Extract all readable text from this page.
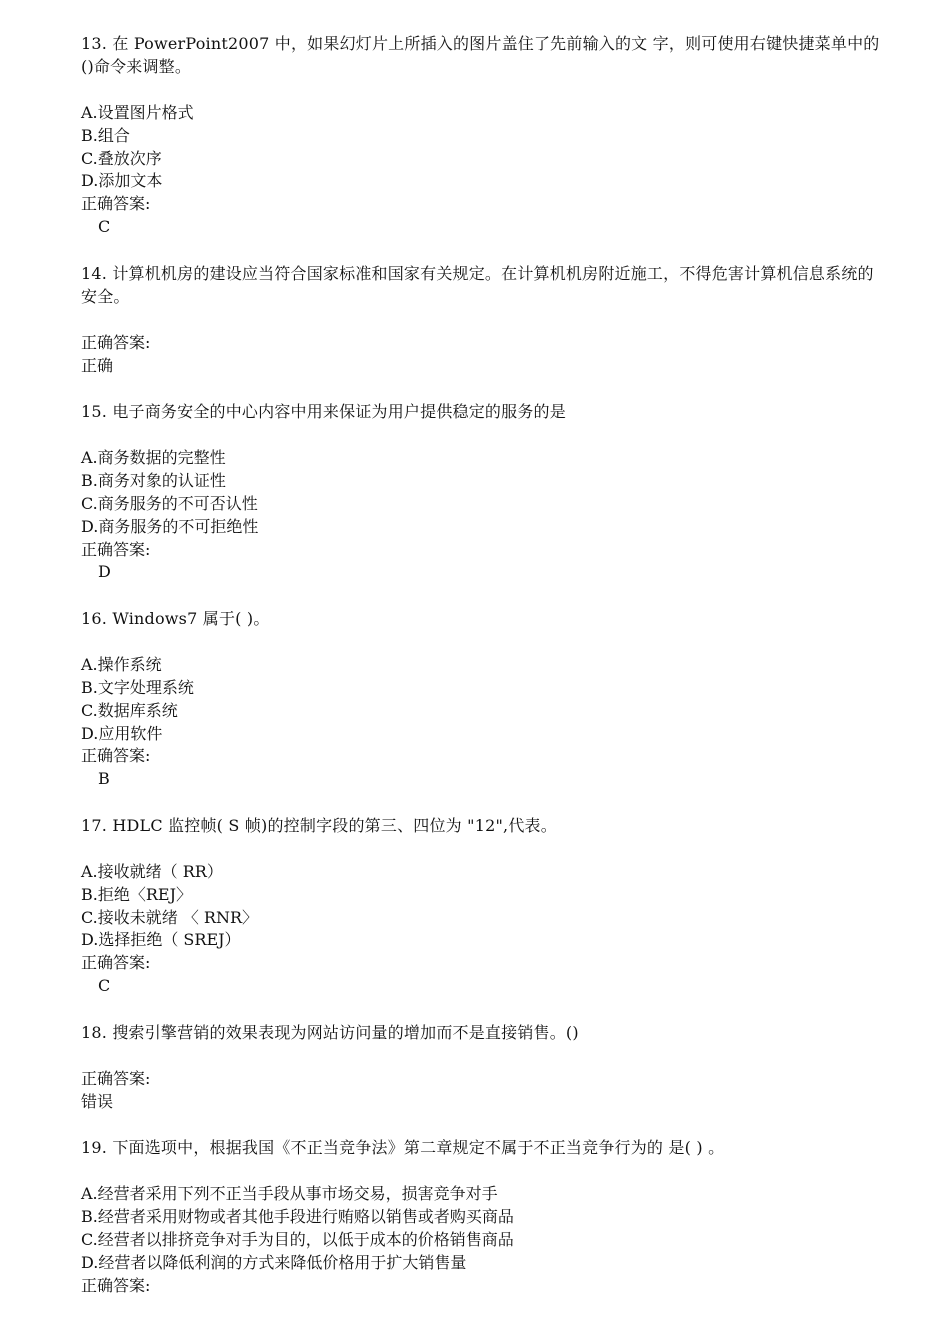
13. 在 PowerPoint2007 中，如果幻灯片上所插入的图片盖住了先前输入的文 字，则可使用右键快捷菜单中的()命令来调整。

A.设置图片格式
B.组合
C.叠放次序
D.添加文本
正确答案:
C

14. 计算机机房的建设应当符合国家标准和国家有关规定。在计算机机房附近施工，不得危害计算机信息系统的安全。

正确答案:
正确

15. 电子商务安全的中心内容中用来保证为用户提供稳定的服务的是

A.商务数据的完整性
B.商务对象的认证性
C.商务服务的不可否认性
D.商务服务的不可拒绝性
正确答案:
D

16. Windows7 属于( )。

A.操作系统
B.文字处理系统
C.数据库系统
D.应用软件
正确答案:
B

17. HDLC 监控帧( S 帧)的控制字段的第三、四位为 "12",代表。

A.接收就绪（ RR）
B.拒绝〈REJ〉
C.接收未就绪 〈 RNR〉
D.选择拒绝（ SREJ）
正确答案:
C

18. 搜索引擎营销的效果表现为网站访问量的增加而不是直接销售。()

正确答案:
错误

19. 下面选项中，根据我国《不正当竞争法》第二章规定不属于不正当竞争行为的 是( ) 。

A.经营者采用下列不正当手段从事市场交易，损害竞争对手
B.经营者采用财物或者其他手段进行贿赂以销售或者购买商品
C.经营者以排挤竞争对手为目的，以低于成本的价格销售商品
D.经营者以降低利润的方式来降低价格用于扩大销售量
正确答案:
